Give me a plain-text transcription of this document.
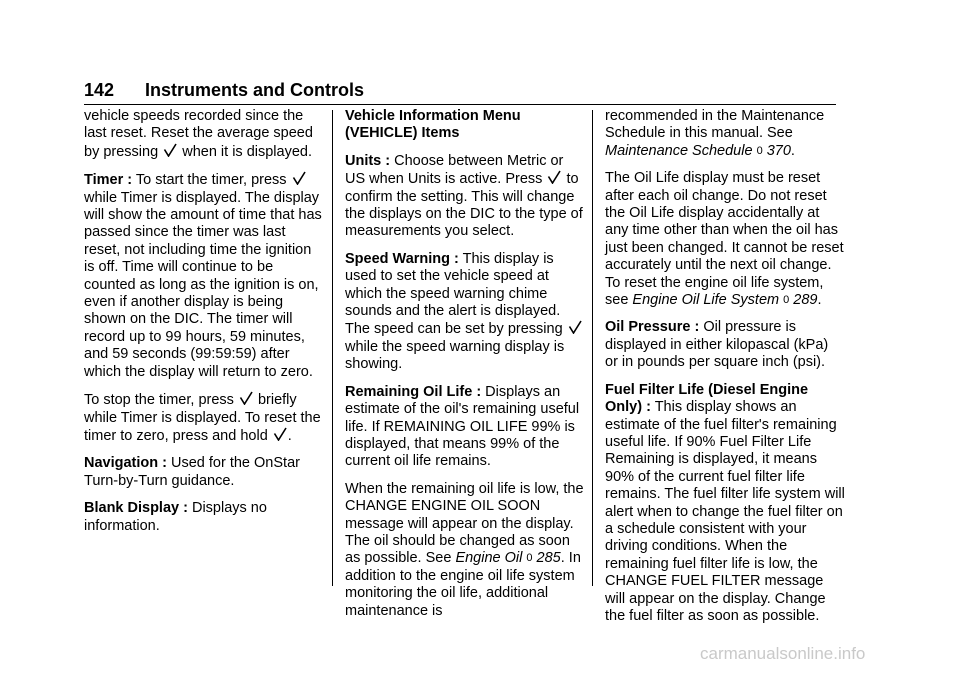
142 Instruments and Controls

vehicle speeds recorded since the last reset. Reset the average speed by pressing when it is displayed.

Timer : To start the timer, press
while Timer is displayed. The display will show the amount of time that has passed since the timer was last reset, not including time the ignition is off. Time will continue to be counted as long as the ignition is on, even if another display is being shown on the DIC. The timer will record up to 99 hours, 59 minutes, and 59 seconds (99:59:59) after which the display will return to zero.

To stop the timer, press briefly while Timer is displayed. To reset the timer to zero, press and hold .

Navigation : Used for the OnStar Turn-by-Turn guidance.

Blank Display : Displays no information.

Vehicle Information Menu (VEHICLE) Items

Units : Choose between Metric or US when Units is active. Press to confirm the setting. This will change the displays on the DIC to the type of measurements you select.

Speed Warning : This display is used to set the vehicle speed at which the speed warning chime sounds and the alert is displayed. The speed can be set by pressing
while the speed warning display is showing.

Remaining Oil Life : Displays an estimate of the oil's remaining useful life. If REMAINING OIL LIFE 99% is displayed, that means 99% of the current oil life remains.

When the remaining oil life is low, the CHANGE ENGINE OIL SOON message will appear on the display. The oil should be changed as soon as possible. See Engine Oil 0 285. In addition to the engine oil life system monitoring the oil life, additional maintenance is

recommended in the Maintenance Schedule in this manual. See Maintenance Schedule 0 370.

The Oil Life display must be reset after each oil change. Do not reset the Oil Life display accidentally at any time other than when the oil has just been changed. It cannot be reset accurately until the next oil change. To reset the engine oil life system, see Engine Oil Life System 0 289.

Oil Pressure : Oil pressure is displayed in either kilopascal (kPa) or in pounds per square inch (psi).

Fuel Filter Life (Diesel Engine Only) : This display shows an estimate of the fuel filter's remaining useful life. If 90% Fuel Filter Life Remaining is displayed, it means 90% of the current fuel filter life remains. The fuel filter life system will alert when to change the fuel filter on a schedule consistent with your driving conditions. When the remaining fuel filter life is low, the CHANGE FUEL FILTER message will appear on the display. Change the fuel filter as soon as possible.

carmanualsonline.info
